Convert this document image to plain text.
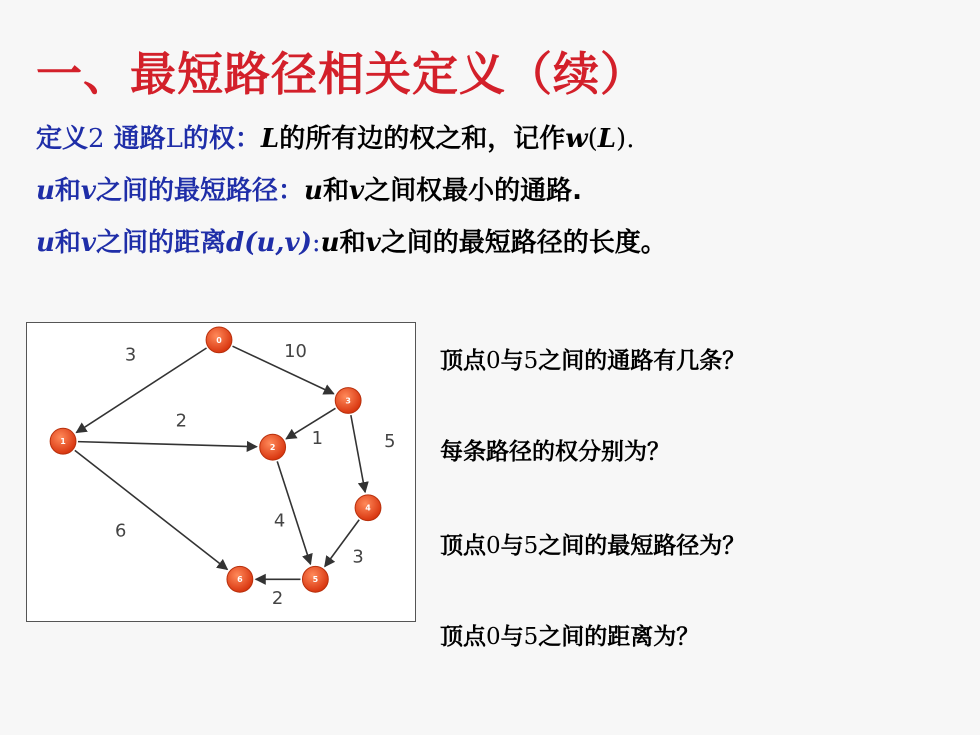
一、最短路径相关定义（续）
定义2 通路L的权：L的所有边的权之和，记作w(L).
u和v之间的最短路径：u和v之间权最小的通路.
u和v之间的距离d(u,v):u和v之间的最短路径的长度。
3	10
2
1	5
4
6
3
2
0
1
2
3
4
5
6
顶点0与5之间的通路有几条？
每条路径的权分别为？
顶点0与5之间的最短路径为？
顶点0与5之间的距离为？
